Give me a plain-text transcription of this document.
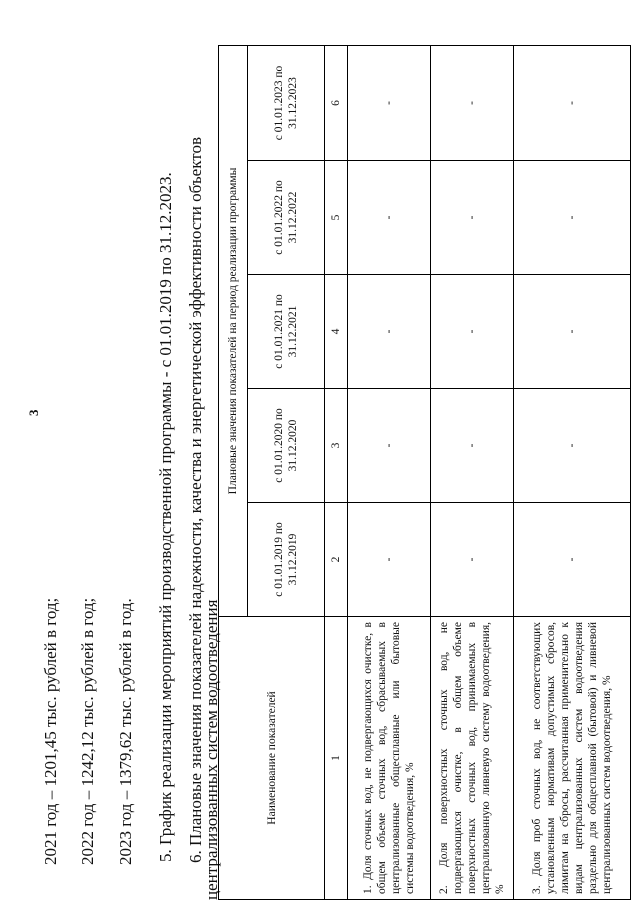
3
2021 год – 1201,45 тыс. рублей в год; 2022 год – 1242,12 тыс. рублей в год; 2023 год – 1379,62 тыс. рублей в год. 5. График реализации мероприятий производственной программы - с 01.01.2019 по 31.12.2023. 6. Плановые значения показателей надежности, качества и энергетической эффективности объектов
централизованных систем водоотведения	Наименование показателей	Плановые значения показателей на период реализации программы				
	с 01.01.2019 по 31.12.2019	с 01.01.2020 по 31.12.2020	с 01.01.2021 по 31.12.2021	с 01.01.2022 по 31.12.2022	с 01.01.2023 по 31.12.2023
1	2	3	4	5	6
1. Доля сточных вод, не подвергающихся очистке, в общем объеме сточных вод, сбрасываемых в централизованные общесплавные или бытовые системы водоотведения, %	-	-	-	-	-
2. Доля поверхностных сточных вод, не подвергающихся очистке, в общем объеме поверхностных сточных вод, принимаемых в централизованную ливневую систему водоотведения, %	-	-	-	-	-
3. Доля проб сточных вод, не соответствующих установленным нормативам допустимых сбросов, лимитам на сбросы, рассчитанная применительно к видам централизованных систем водоотведения раздельно для общесплавной (бытовой) и ливневой централизованных систем водоотведения, %	-	-	-	-	-
